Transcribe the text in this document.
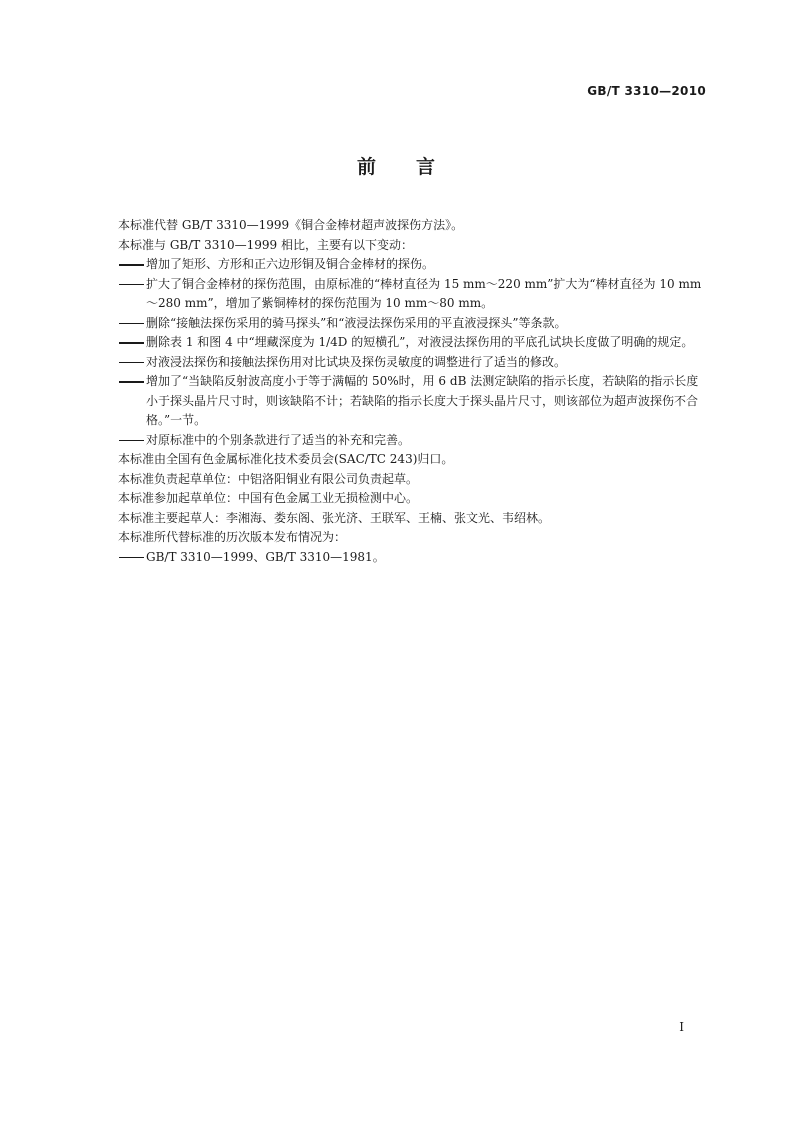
GB/T 3310—2010
前 言

本标准代替 GB/T 3310—1999《铜合金棒材超声波探伤方法》。

本标准与 GB/T 3310—1999 相比，主要有以下变动：

增加了矩形、方形和正六边形铜及铜合金棒材的探伤。
扩大了铜合金棒材的探伤范围，由原标准的“棒材直径为 15 mm～220 mm”扩大为“棒材直径为 10 mm～280 mm”，增加了紫铜棒材的探伤范围为 10 mm～80 mm。
删除“接触法探伤采用的骑马探头”和“液浸法探伤采用的平直液浸探头”等条款。
删除表 1 和图 4 中“埋藏深度为 1/4D 的短横孔”，对液浸法探伤用的平底孔试块长度做了明确的规定。
对液浸法探伤和接触法探伤用对比试块及探伤灵敏度的调整进行了适当的修改。
增加了“当缺陷反射波高度小于等于满幅的 50%时，用 6 dB 法测定缺陷的指示长度，若缺陷的指示长度小于探头晶片尺寸时，则该缺陷不计；若缺陷的指示长度大于探头晶片尺寸，则该部位为超声波探伤不合格。”一节。
对原标准中的个别条款进行了适当的补充和完善。

本标准由全国有色金属标准化技术委员会(SAC/TC 243)归口。

本标准负责起草单位：中铝洛阳铜业有限公司负责起草。

本标准参加起草单位：中国有色金属工业无损检测中心。

本标准主要起草人：李湘海、娄东阁、张光济、王联军、王楠、张文光、韦绍林。

本标准所代替标准的历次版本发布情况为：

GB/T 3310—1999、GB/T 3310—1981。
I
